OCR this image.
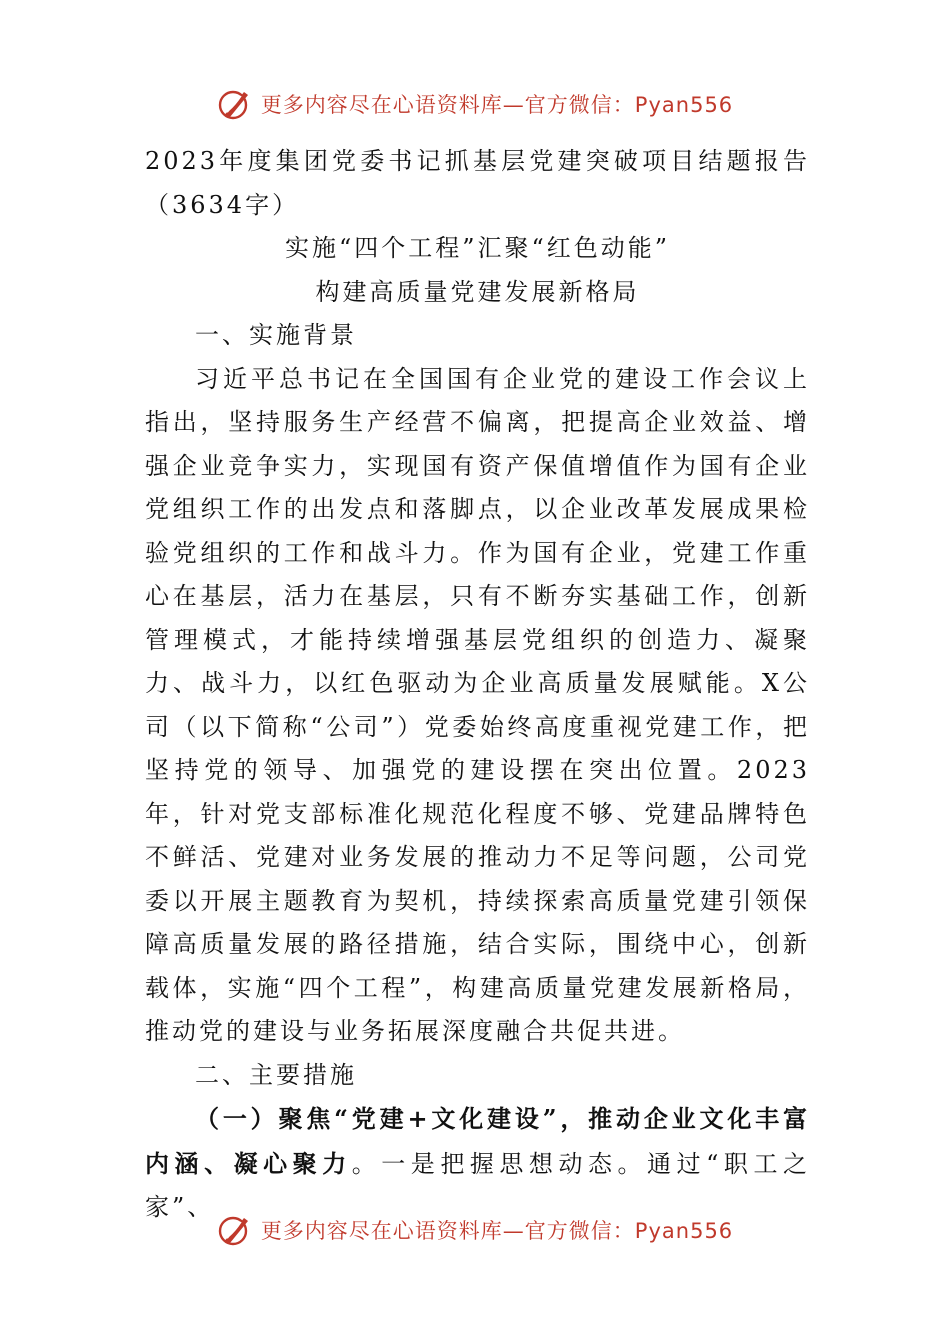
更多内容尽在心语资料库—官方微信：Pyan556

2023年度集团党委书记抓基层党建突破项目结题报告（3634字）

实施“四个工程”汇聚“红色动能”

构建高质量党建发展新格局

一、实施背景

习近平总书记在全国国有企业党的建设工作会议上指出，坚持服务生产经营不偏离，把提高企业效益、增强企业竞争实力，实现国有资产保值增值作为国有企业党组织工作的出发点和落脚点，以企业改革发展成果检验党组织的工作和战斗力。作为国有企业，党建工作重心在基层，活力在基层，只有不断夯实基础工作，创新管理模式，才能持续增强基层党组织的创造力、凝聚力、战斗力，以红色驱动为企业高质量发展赋能。X公司（以下简称“公司”）党委始终高度重视党建工作，把坚持党的领导、加强党的建设摆在突出位置。2023年，针对党支部标准化规范化程度不够、党建品牌特色不鲜活、党建对业务发展的推动力不足等问题，公司党委以开展主题教育为契机，持续探索高质量党建引领保障高质量发展的路径措施，结合实际，围绕中心，创新载体，实施“四个工程”，构建高质量党建发展新格局，推动党的建设与业务拓展深度融合共促共进。

二、主要措施

（一）聚焦“党建+文化建设”，推动企业文化丰富内涵、凝心聚力。一是把握思想动态。通过“职工之家”、

更多内容尽在心语资料库—官方微信：Pyan556
